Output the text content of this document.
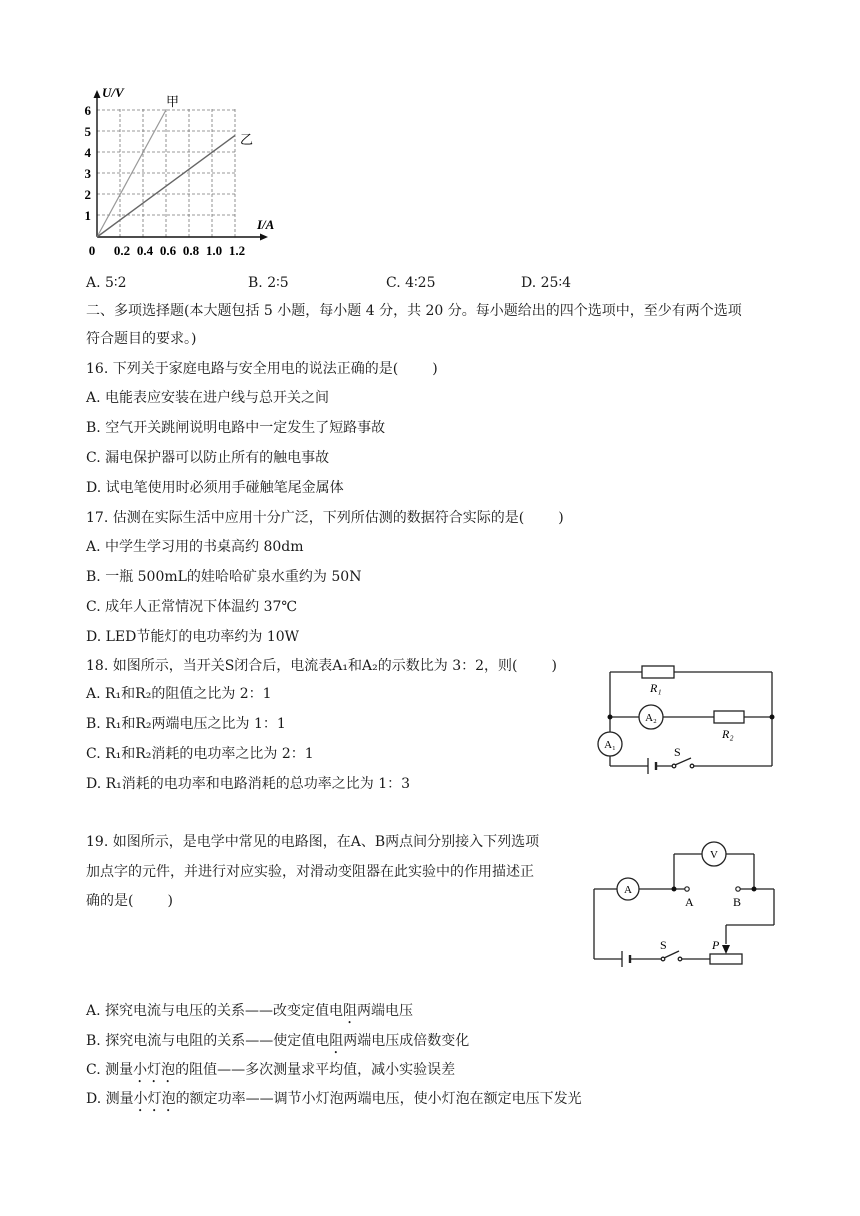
U/V
I/A
0
1
2
3
4
5
6
0.2 0.4 0.6 0.8 1.0 1.2
甲
乙
A. 5∶2	B. 2∶5	C. 4∶25	D. 25∶4
二、多项选择题(本大题包括 5 小题，每小题 4 分，共 20 分。每小题给出的四个选项中，至少有两个选项
符合题目的要求。)
16. 下列关于家庭电路与安全用电的说法正确的是( )
A. 电能表应安装在进户线与总开关之间
B. 空气开关跳闸说明电路中一定发生了短路事故
C. 漏电保护器可以防止所有的触电事故
D. 试电笔使用时必须用手碰触笔尾金属体
17. 估测在实际生活中应用十分广泛，下列所估测的数据符合实际的是( )
A. 中学生学习用的书桌高约 80dm
B. 一瓶 500mL的娃哈哈矿泉水重约为 50N
C. 成年人正常情况下体温约 37℃
D. LED节能灯的电功率约为 10W
18. 如图所示，当开关S闭合后，电流表A₁和A₂的示数比为 3：2，则( )
A. R₁和R₂的阻值之比为 2：1
B. R₁和R₂两端电压之比为 1：1
C. R₁和R₂消耗的电功率之比为 2：1
D. R₁消耗的电功率和电路消耗的总功率之比为 1：3
R₁
R₂
A₂
A₁	S
19. 如图所示，是电学中常见的电路图，在A、B两点间分别接入下列选项
加点字的元件，并进行对应实验，对滑动变阻器在此实验中的作用描述正
确的是( )
V
A
A	B
S	P
A. 探究电流与电压的关系——改变定值电阻两端电压
B. 探究电流与电阻的关系——使定值电阻两端电压成倍数变化
C. 测量小灯泡的阻值——多次测量求平均值，减小实验误差
D. 测量小灯泡的额定功率——调节小灯泡两端电压，使小灯泡在额定电压下发光
